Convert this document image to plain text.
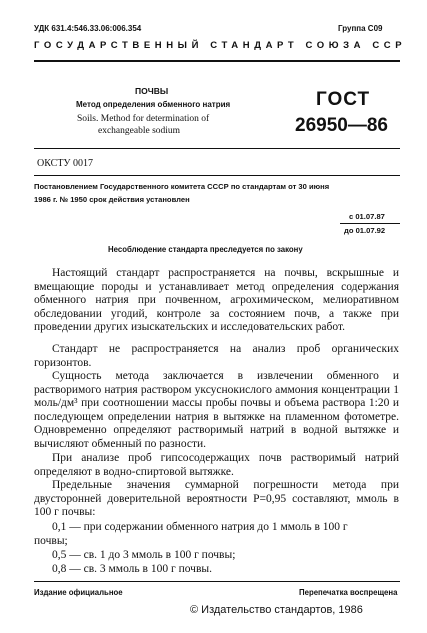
УДК 631.4:546.33.06:006.354	Группа С09
ГОСУДАРСТВЕННЫЙ СТАНДАРТ СОЮЗА ССР
ПОЧВЫ
Метод определения обменного натрия
Soils. Method for determination of
exchangeable sodium
ГОСТ
26950—86
ОКСТУ 0017
Постановлением Государственного комитета СССР по стандартам от 30 июня
1986 г. № 1950 срок действия установлен
с 01.07.87
до 01.07.92
Несоблюдение стандарта преследуется по закону

Настоящий стандарт распространяется на почвы, вскрышные и вмещающие породы и устанавливает метод определения содержания обменного натрия при почвенном, агрохимическом, мелиоративном обследовании угодий, контроле за состоянием почв, а также при проведении других изыскательских и исследовательских работ.

Стандарт не распространяется на анализ проб органических горизонтов.

Сущность метода заключается в извлечении обменного и растворимого натрия раствором уксуснокислого аммония концентрации 1 моль/дм³ при соотношении массы пробы почвы и объема раствора 1:20 и последующем определении натрия в вытяжке на пламенном фотометре. Одновременно определяют растворимый натрий в водной вытяжке и вычисляют обменный по разности.

При анализе проб гипсосодержащих почв растворимый натрий определяют в водно-спиртовой вытяжке.

Предельные значения суммарной погрешности метода при двусторонней доверительной вероятности P=0,95 составляют, ммоль в 100 г почвы:

0,1 — при содержании обменного натрия до 1 ммоль в 100 г
почвы;
0,5 — св. 1 до 3 ммоль в 100 г почвы;
0,8 — св. 3 ммоль в 100 г почвы.
Издание официальное	Перепечатка воспрещена
© Издательство стандартов, 1986
